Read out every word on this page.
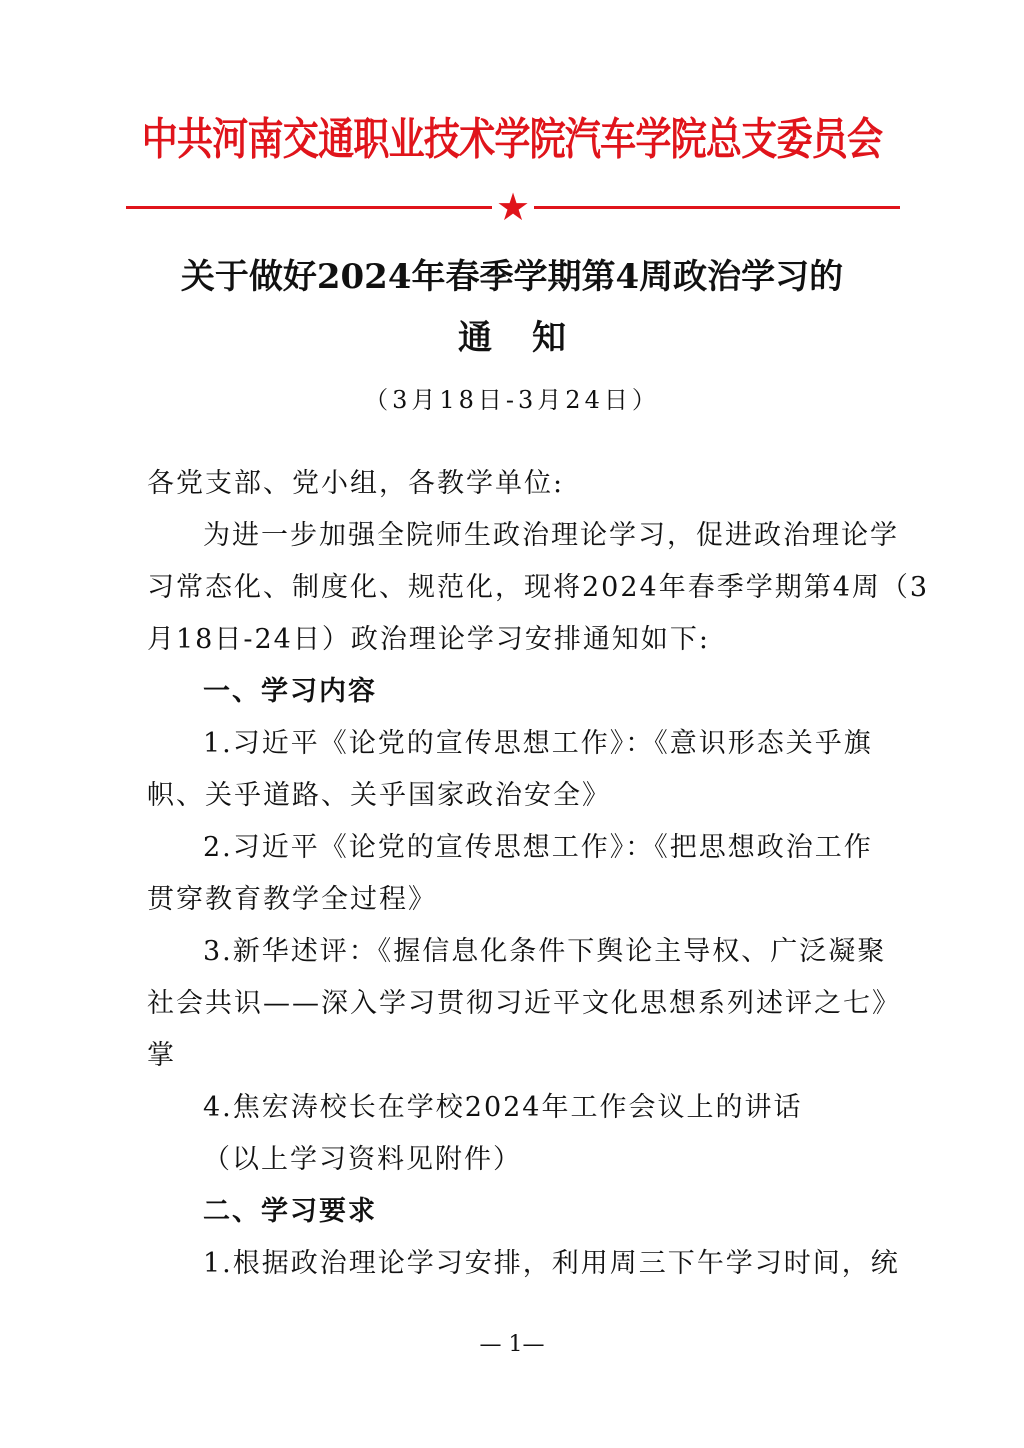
中共河南交通职业技术学院汽车学院总支委员会
★
关于做好2024年春季学期第4周政治学习的
通知
（3月18日-3月24日）
各党支部、党小组，各教学单位:
为进一步加强全院师生政治理论学习，促进政治理论学
习常态化、制度化、规范化，现将2024年春季学期第4周（3
月18日-24日）政治理论学习安排通知如下:
一、学习内容
1.习近平《论党的宣传思想工作》：《意识形态关乎旗
帜、关乎道路、关乎国家政治安全》
2.习近平《论党的宣传思想工作》：《把思想政治工作
贯穿教育教学全过程》
3.新华述评：《握信息化条件下舆论主导权、广泛凝聚
社会共识——深入学习贯彻习近平文化思想系列述评之七》
掌
4.焦宏涛校长在学校2024年工作会议上的讲话
（以上学习资料见附件）
二、学习要求
1.根据政治理论学习安排，利用周三下午学习时间，统
— 1—
